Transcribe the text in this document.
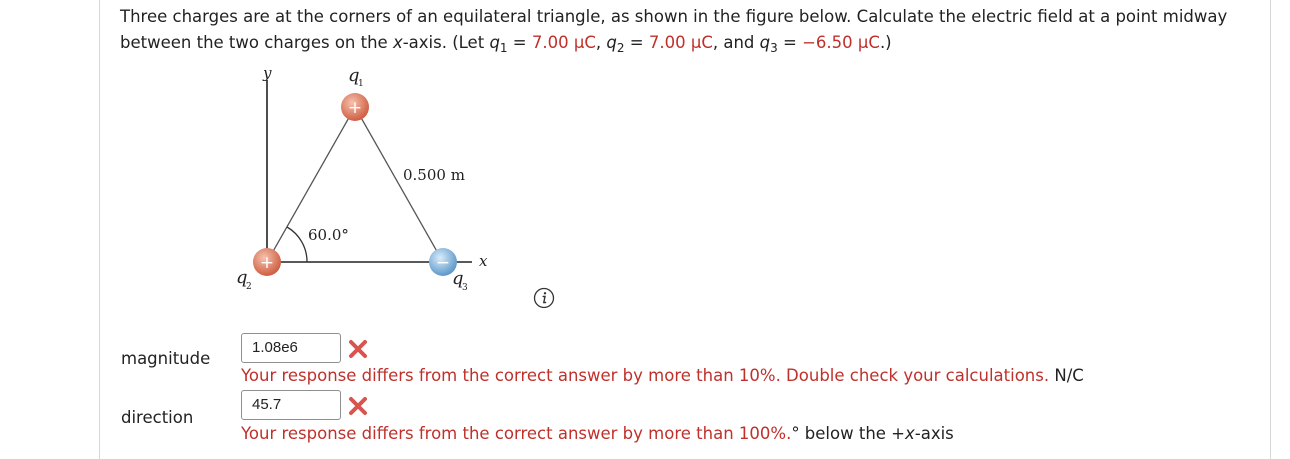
Three charges are at the corners of an equilateral triangle, as shown in the figure below. Calculate the electric field at a point midway between the two charges on the x-axis. (Let $q_1 = 7.00$ μC, $q_2 = 7.00$ μC, and $q_3 = -6.50$ μC.)
y
x
60.0°
0.500 m
+
q
1
+
q
2
−
q
3
magnitude
1.08e6
Your response differs from the correct answer by more than 10%. Double check your calculations. N/C
direction
45.7
Your response differs from the correct answer by more than 100%.° below the +x-axis
